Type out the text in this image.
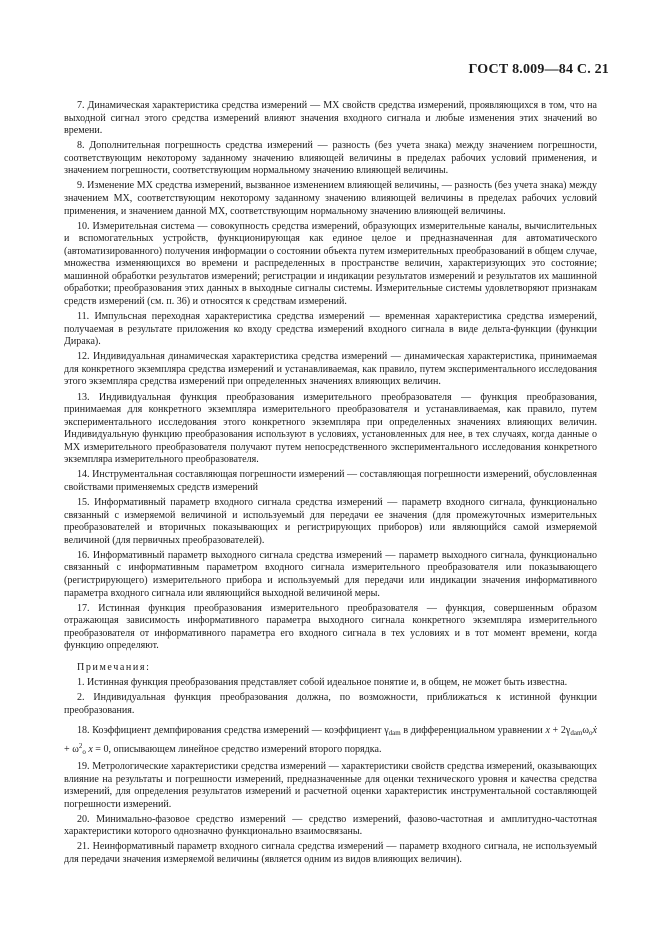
ГОСТ 8.009—84 С. 21

7. Динамическая характеристика средства измерений — МХ свойств средства измерений, проявляющихся в том, что на выходной сигнал этого средства измерений влияют значения входного сигнала и любые изменения этих значений во времени.

8. Дополнительная погрешность средства измерений — разность (без учета знака) между значением погрешности, соответствующим некоторому заданному значению влияющей величины в пределах рабочих условий применения, и значением погрешности, соответствующим нормальному значению влияющей величины.

9. Изменение МХ средства измерений, вызванное изменением влияющей величины, — разность (без учета знака) между значением МХ, соответствующим некоторому заданному значению влияющей величины в пределах рабочих условий применения, и значением данной МХ, соответствующим нормальному значению влияющей величины.

10. Измерительная система — совокупность средства измерений, образующих измерительные каналы, вычислительных и вспомогательных устройств, функционирующая как единое целое и предназначенная для автоматического (автоматизированного) получения информации о состоянии объекта путем измерительных преобразований в общем случае, множества изменяющихся во времени и распределенных в пространстве величин, характеризующих это состояние; машинной обработки результатов измерений; регистрации и индикации результатов измерений и результатов их машинной обработки; преобразования этих данных в выходные сигналы системы. Измерительные системы удовлетворяют признакам средств измерений (см. п. 36) и относятся к средствам измерений.

11. Импульсная переходная характеристика средства измерений — временная характеристика средства измерений, получаемая в результате приложения ко входу средства измерений входного сигнала в виде дельта-функции (функции Дирака).

12. Индивидуальная динамическая характеристика средства измерений — динамическая характеристика, принимаемая для конкретного экземпляра средства измерений и устанавливаемая, как правило, путем экспериментального исследования этого экземпляра средства измерений при определенных значениях влияющих величин.

13. Индивидуальная функция преобразования измерительного преобразователя — функция преобразования, принимаемая для конкретного экземпляра измерительного преобразователя и устанавливаемая, как правило, путем экспериментального исследования этого конкретного экземпляра при определенных значениях влияющих величин. Индивидуальную функцию преобразования используют в условиях, установленных для нее, в тех случаях, когда данные о МХ измерительного преобразователя получают путем непосредственного экспериментального исследования конкретного экземпляра измерительного преобразователя.

14. Инструментальная составляющая погрешности измерений — составляющая погрешности измерений, обусловленная свойствами применяемых средств измерений

15. Информативный параметр входного сигнала средства измерений — параметр входного сигнала, функционально связанный с измеряемой величиной и используемый для передачи ее значения (для промежуточных измерительных преобразователей и вторичных показывающих и регистрирующих приборов) или являющийся самой измеряемой величиной (для первичных преобразователей).

16. Информативный параметр выходного сигнала средства измерений — параметр выходного сигнала, функционально связанный с информативным параметром входного сигнала измерительного преобразователя или показывающего (регистрирующего) измерительного прибора и используемый для передачи или индикации значения информативного параметра входного сигнала или являющийся выходной величиной меры.

17. Истинная функция преобразования измерительного преобразователя — функция, совершенным образом отражающая зависимость информативного параметра выходного сигнала конкретного экземпляра измерительного преобразователя от информативного параметра его входного сигнала в тех условиях и в тот момент времени, когда функцию определяют.

Примечания:

1. Истинная функция преобразования представляет собой идеальное понятие и, в общем, не может быть известна.

2. Индивидуальная функция преобразования должна, по возможности, приближаться к истинной функции преобразования.

18. Коэффициент демпфирования средства измерений — коэффициент $\gamma_{dam}$ в дифференциальном уравнении $x + 2\gamma_{dam}\omega_oẋ + \omega^2_o$ x = 0, описывающем линейное средство измерений второго порядка.

19. Метрологические характеристики средства измерений — характеристики свойств средства измерений, оказывающих влияние на результаты и погрешности измерений, предназначенные для оценки технического уровня и качества средства измерений, для определения результатов измерений и расчетной оценки характеристик инструментальной составляющей погрешности измерений.

20. Минимально-фазовое средство измерений — средство измерений, фазово-частотная и амплитудно-частотная характеристики которого однозначно функционально взаимосвязаны.

21. Неинформативный параметр входного сигнала средства измерений — параметр входного сигнала, не используемый для передачи значения измеряемой величины (является одним из видов влияющих величин).
